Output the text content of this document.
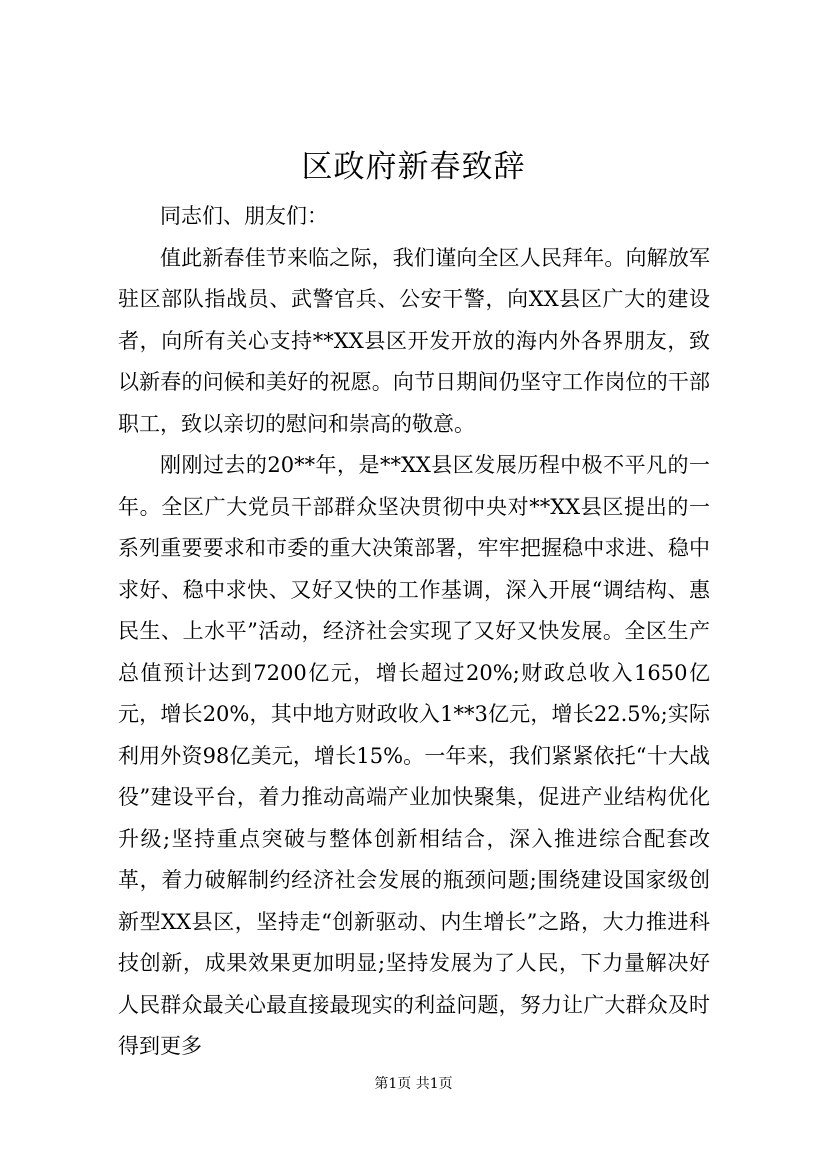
区政府新春致辞

同志们、朋友们：

值此新春佳节来临之际，我们谨向全区人民拜年。向解放军驻区部队指战员、武警官兵、公安干警，向XX县区广大的建设者，向所有关心支持**XX县区开发开放的海内外各界朋友，致以新春的问候和美好的祝愿。向节日期间仍坚守工作岗位的干部职工，致以亲切的慰问和崇高的敬意。

刚刚过去的20**年，是**XX县区发展历程中极不平凡的一年。全区广大党员干部群众坚决贯彻中央对**XX县区提出的一系列重要要求和市委的重大决策部署，牢牢把握稳中求进、稳中求好、稳中求快、又好又快的工作基调，深入开展“调结构、惠民生、上水平”活动，经济社会实现了又好又快发展。全区生产总值预计达到7200亿元，增长超过20%;财政总收入1650亿元，增长20%，其中地方财政收入1**3亿元，增长22.5%;实际利用外资98亿美元，增长15%。一年来，我们紧紧依托“十大战役”建设平台，着力推动高端产业加快聚集，促进产业结构优化升级;坚持重点突破与整体创新相结合，深入推进综合配套改革，着力破解制约经济社会发展的瓶颈问题;围绕建设国家级创新型XX县区，坚持走“创新驱动、内生增长”之路，大力推进科技创新，成果效果更加明显;坚持发展为了人民，下力量解决好人民群众最关心最直接最现实的利益问题，努力让广大群众及时得到更多

第1页 共1页
